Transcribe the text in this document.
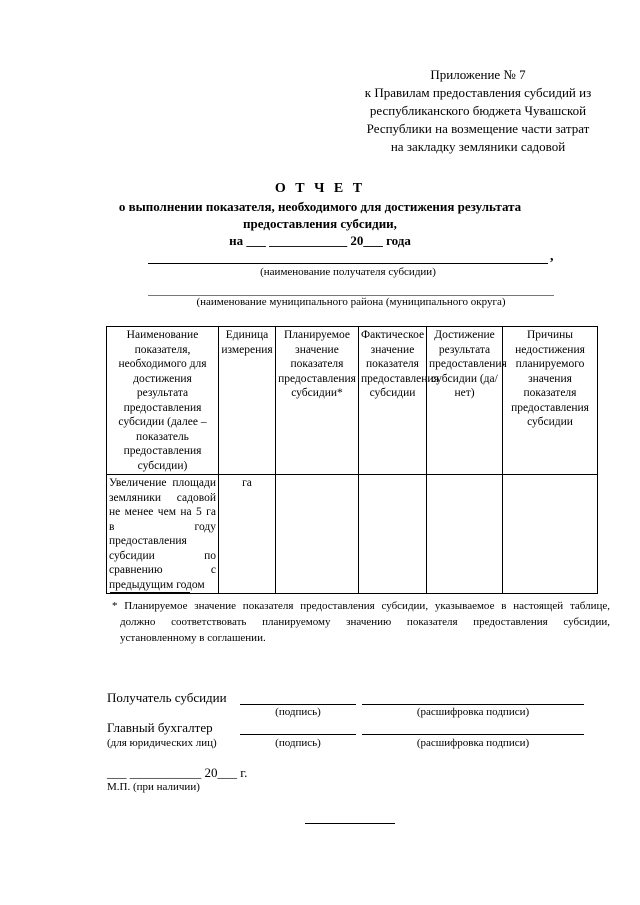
Приложение № 7
к Правилам предоставления субсидий из
республиканского бюджета Чувашской
Республики на возмещение части затрат
на закладку земляники садовой
О Т Ч Е Т
о выполнении показателя, необходимого для достижения результата
предоставления субсидии,
на ___ ____________ 20___ года
,
(наименование получателя субсидии)
(наименование муниципального района (муниципального округа)
Наименование показателя, необходимого для достижения результата предоставления субсидии (далее – показатель предоставления субсидии)	Единица измерения	Планируемое значение показателя предоставления субсидии*	Фактическое значение показателя предоставления субсидии	Достижение результата предоставления субсидии (да/нет)	Причины недостижения планируемого значения показателя предоставления субсидии
Увеличение площади земляники садовой не менее чем на 5 га в году предоставления субсидии по сравнению с предыдущим годом	га				
* Планируемое значение показателя предоставления субсидии, указываемое в настоящей таблице, должно соответствовать планируемому значению показателя предоставления субсидии, установленному в соглашении.
Получатель субсидии
(подпись)	(расшифровка подписи)
Главный бухгалтер
(для юридических лиц)	(подпись)	(расшифровка подписи)
___ ___________ 20___ г.
М.П. (при наличии)
